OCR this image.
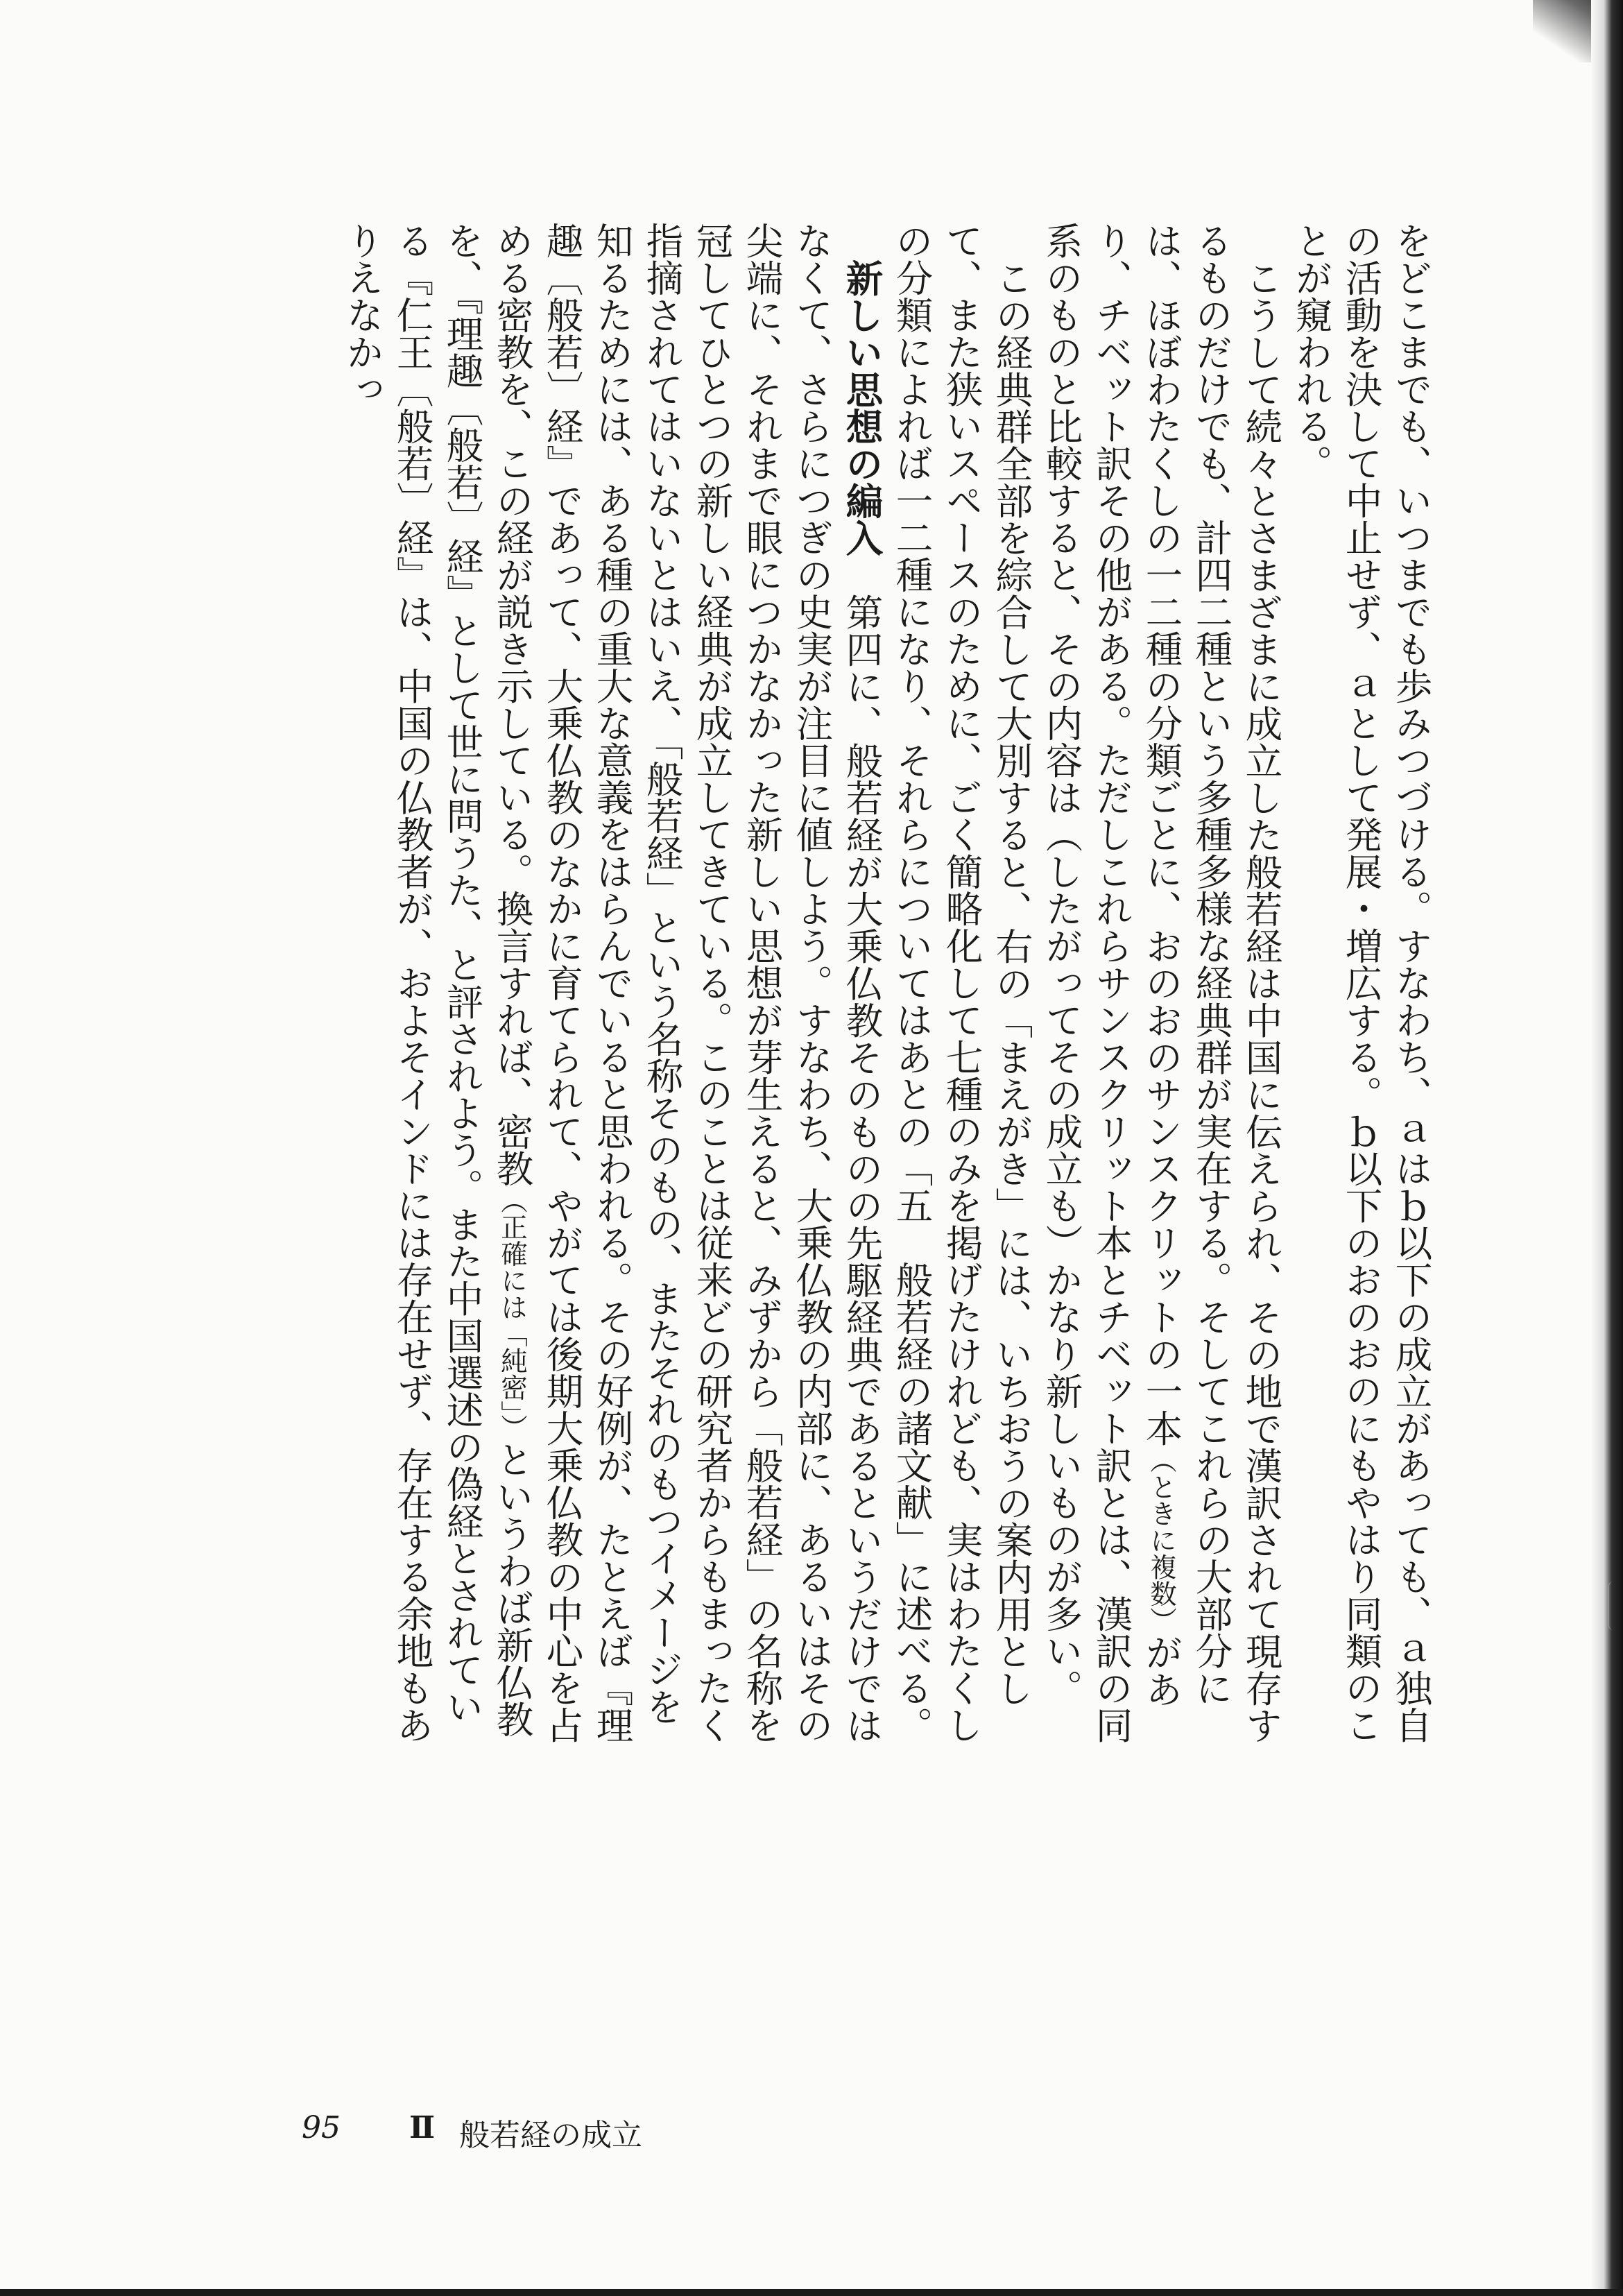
をどこまでも、いつまでも歩みつづける。すなわち、ａはｂ以下の成立があっても、ａ独自の活動を決して中止せず、ａとして発展・増広する。ｂ以下のおのおのにもやはり同類のことが窺われる。

こうして続々とさまざまに成立した般若経は中国に伝えられ、その地で漢訳されて現存するものだけでも、計四二種という多種多様な経典群が実在する。そしてこれらの大部分には、ほぼわたくしの一二種の分類ごとに、おのおのサンスクリットの一本（ときに複数）があり、チベット訳その他がある。ただしこれらサンスクリット本とチベット訳とは、漢訳の同系のものと比較すると、その内容は（したがってその成立も）かなり新しいものが多い。

この経典群全部を綜合して大別すると、右の「まえがき」には、いちおうの案内用として、また狭いスペースのために、ごく簡略化して七種のみを掲げたけれども、実はわたくしの分類によれば一二種になり、それらについてはあとの「五　般若経の諸文献」に述べる。

新しい思想の編入　第四に、般若経が大乗仏教そのものの先駆経典であるというだけではなくて、さらにつぎの史実が注目に値しよう。すなわち、大乗仏教の内部に、あるいはその尖端に、それまで眼につかなかった新しい思想が芽生えると、みずから「般若経」の名称を冠してひとつの新しい経典が成立してきている。このことは従来どの研究者からもまったく指摘されてはいないとはいえ、「般若経」という名称そのもの、またそれのもつイメージを知るためには、ある種の重大な意義をはらんでいると思われる。その好例が、たとえば『理趣〔般若〕経』であって、大乗仏教のなかに育てられて、やがては後期大乗仏教の中心を占める密教を、この経が説き示している。換言すれば、密教（正確には「純密」）というわば新仏教を、『理趣〔般若〕経』として世に問うた、と評されよう。また中国選述の偽経とされている『仁王〔般若〕経』は、中国の仏教者が、およそインドには存在せず、存在する余地もありえなかっ

95 Ⅱ 般若経の成立
